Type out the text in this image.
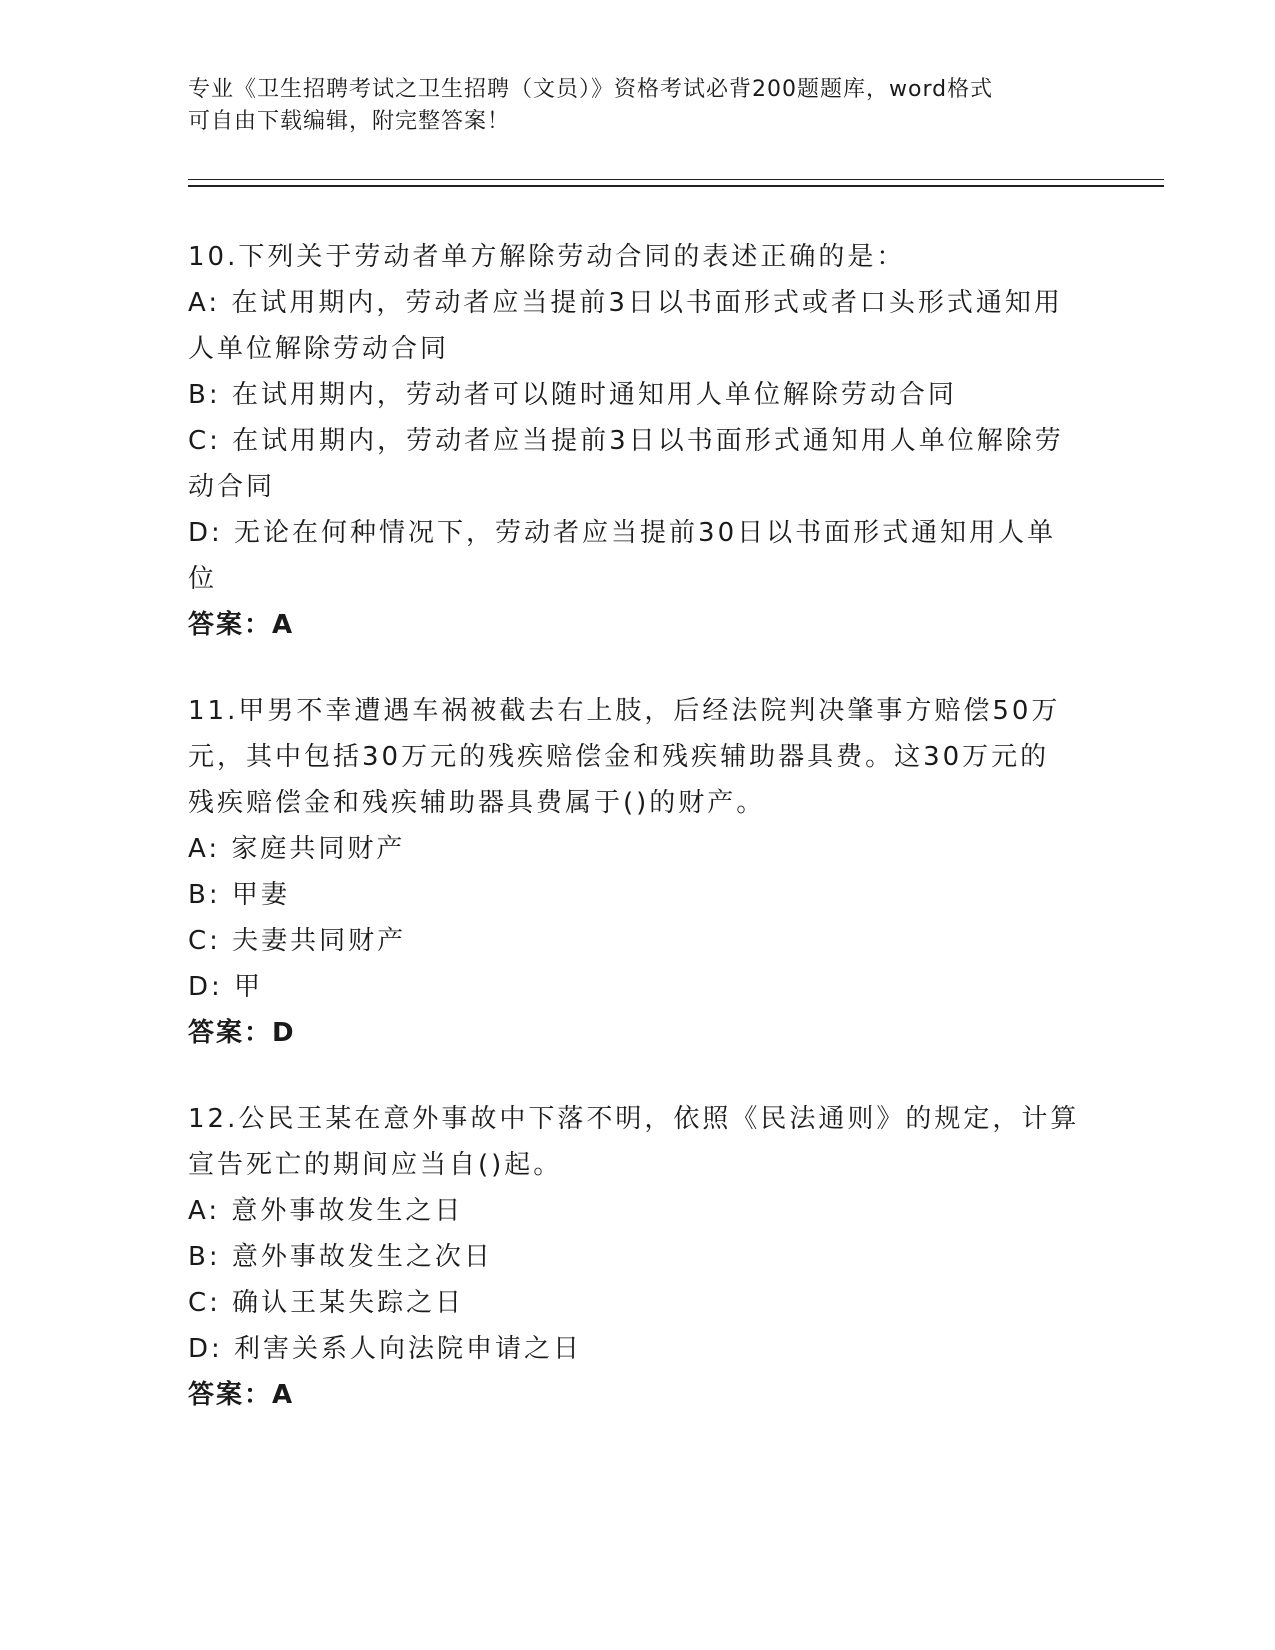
专业《卫生招聘考试之卫生招聘（文员）》资格考试必背200题题库，word格式
可自由下载编辑，附完整答案！
10.下列关于劳动者单方解除劳动合同的表述正确的是：
A: 在试用期内，劳动者应当提前3日以书面形式或者口头形式通知用
人单位解除劳动合同
B: 在试用期内，劳动者可以随时通知用人单位解除劳动合同
C: 在试用期内，劳动者应当提前3日以书面形式通知用人单位解除劳
动合同
D: 无论在何种情况下，劳动者应当提前30日以书面形式通知用人单
位
答案：A
11.甲男不幸遭遇车祸被截去右上肢，后经法院判决肇事方赔偿50万
元，其中包括30万元的残疾赔偿金和残疾辅助器具费。这30万元的
残疾赔偿金和残疾辅助器具费属于()的财产。
A: 家庭共同财产
B: 甲妻
C: 夫妻共同财产
D: 甲
答案：D
12.公民王某在意外事故中下落不明，依照《民法通则》的规定，计算
宣告死亡的期间应当自()起。
A: 意外事故发生之日
B: 意外事故发生之次日
C: 确认王某失踪之日
D: 利害关系人向法院申请之日
答案：A
